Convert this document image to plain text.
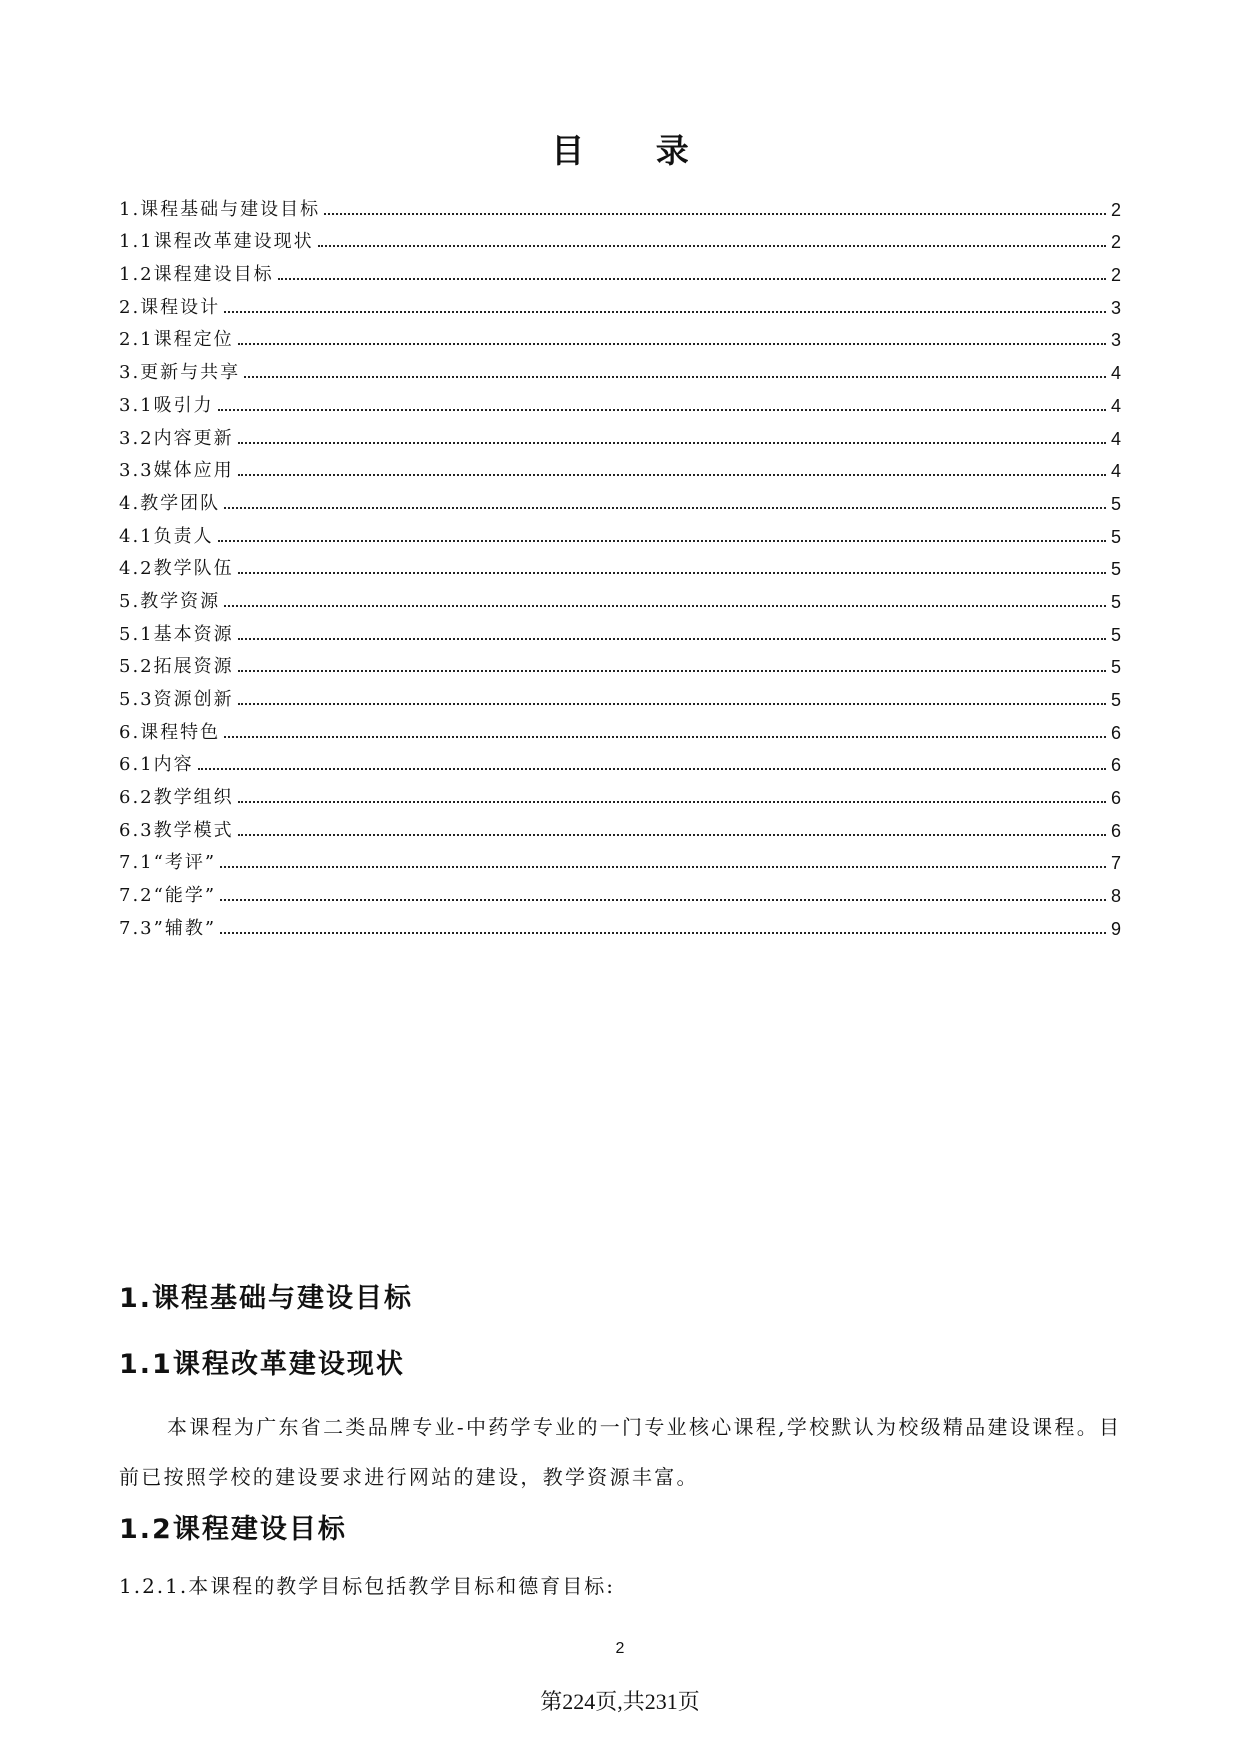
目 录
1.课程基础与建设目标	2
1.1课程改革建设现状	2
1.2课程建设目标	2
2.课程设计	3
2.1课程定位	3
3.更新与共享	4
3.1吸引力	4
3.2内容更新	4
3.3媒体应用	4
4.教学团队	5
4.1负责人	5
4.2教学队伍	5
5.教学资源	5
5.1基本资源	5
5.2拓展资源	5
5.3资源创新	5
6.课程特色	6
6.1内容	6
6.2教学组织	6
6.3教学模式	6
7.1“考评”	7
7.2“能学”	8
7.3”辅教”	9
1.课程基础与建设目标
1.1课程改革建设现状
本课程为广东省二类品牌专业-中药学专业的一门专业核心课程,学校默认为校级精品建设课程。目前已按照学校的建设要求进行网站的建设，教学资源丰富。
1.2课程建设目标
1.2.1.本课程的教学目标包括教学目标和德育目标:
2
第224页,共231页
